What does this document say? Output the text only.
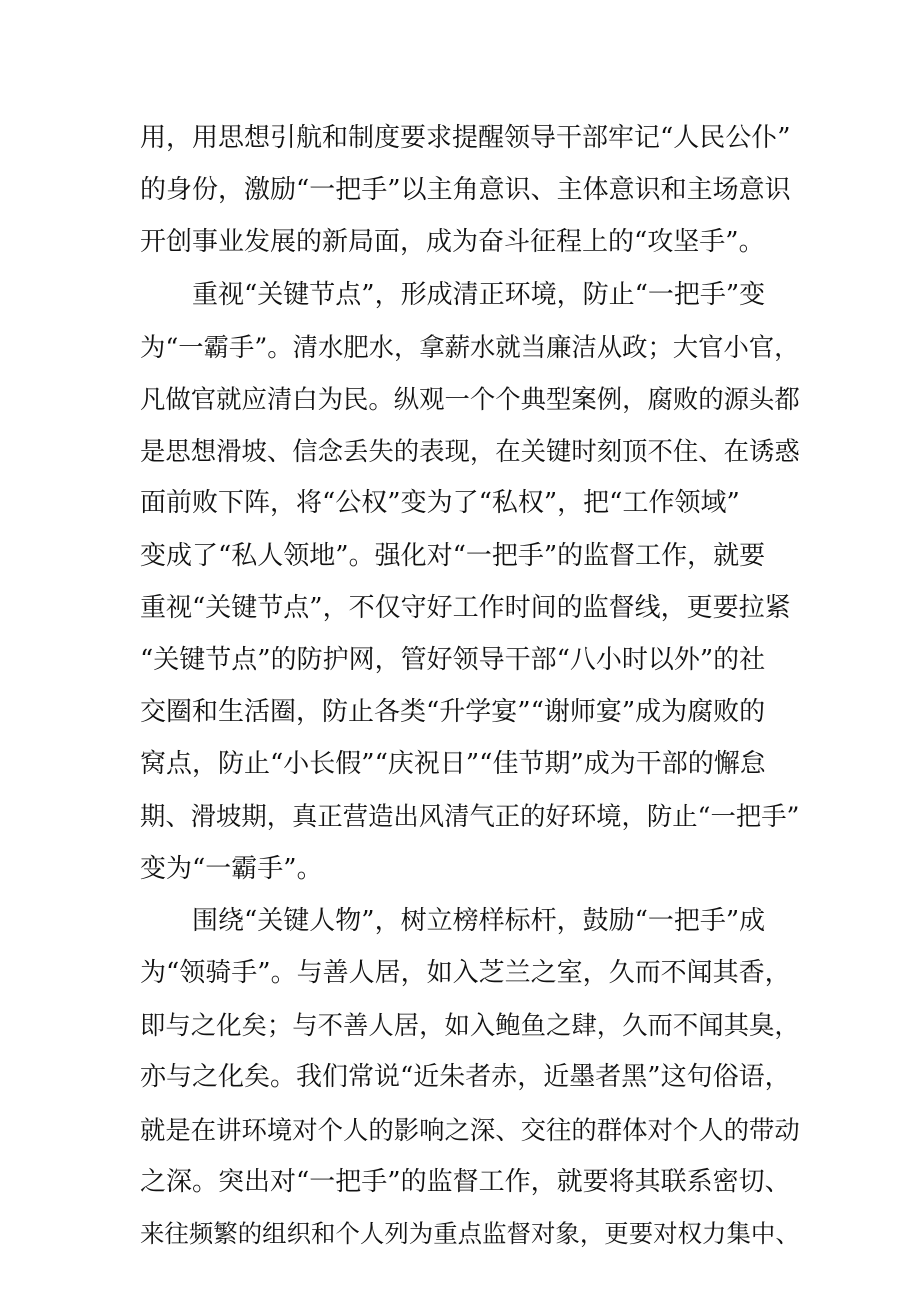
用，用思想引航和制度要求提醒领导干部牢记“人民公仆”
的身份，激励“一把手”以主角意识、主体意识和主场意识
开创事业发展的新局面，成为奋斗征程上的“攻坚手”。
重视“关键节点”，形成清正环境，防止“一把手”变
为“一霸手”。清水肥水，拿薪水就当廉洁从政；大官小官，
凡做官就应清白为民。纵观一个个典型案例，腐败的源头都
是思想滑坡、信念丢失的表现，在关键时刻顶不住、在诱惑
面前败下阵，将“公权”变为了“私权”，把“工作领域”
变成了“私人领地”。强化对“一把手”的监督工作，就要
重视“关键节点”，不仅守好工作时间的监督线，更要拉紧
“关键节点”的防护网，管好领导干部“八小时以外”的社
交圈和生活圈，防止各类“升学宴”“谢师宴”成为腐败的
窝点，防止“小长假”“庆祝日”“佳节期”成为干部的懈怠
期、滑坡期，真正营造出风清气正的好环境，防止“一把手”
变为“一霸手”。
围绕“关键人物”，树立榜样标杆，鼓励“一把手”成
为“领骑手”。与善人居，如入芝兰之室，久而不闻其香，
即与之化矣；与不善人居，如入鲍鱼之肆，久而不闻其臭，
亦与之化矣。我们常说“近朱者赤，近墨者黑”这句俗语，
就是在讲环境对个人的影响之深、交往的群体对个人的带动
之深。突出对“一把手”的监督工作，就要将其联系密切、
来往频繁的组织和个人列为重点监督对象，更要对权力集中、
